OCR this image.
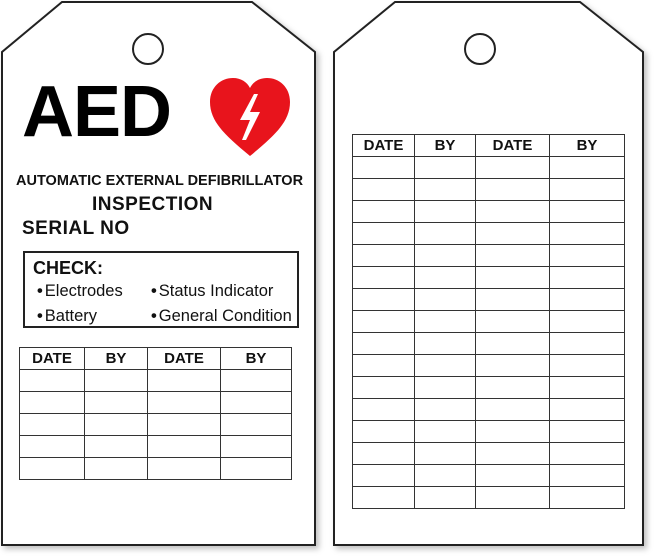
AED
AUTOMATIC EXTERNAL DEFIBRILLATOR
INSPECTION
SERIAL NO
CHECK:
• Electrodes • Status Indicator
• Battery	• General Condition
DATE	BY	DATE	BY

DATE	BY	DATE	BY
